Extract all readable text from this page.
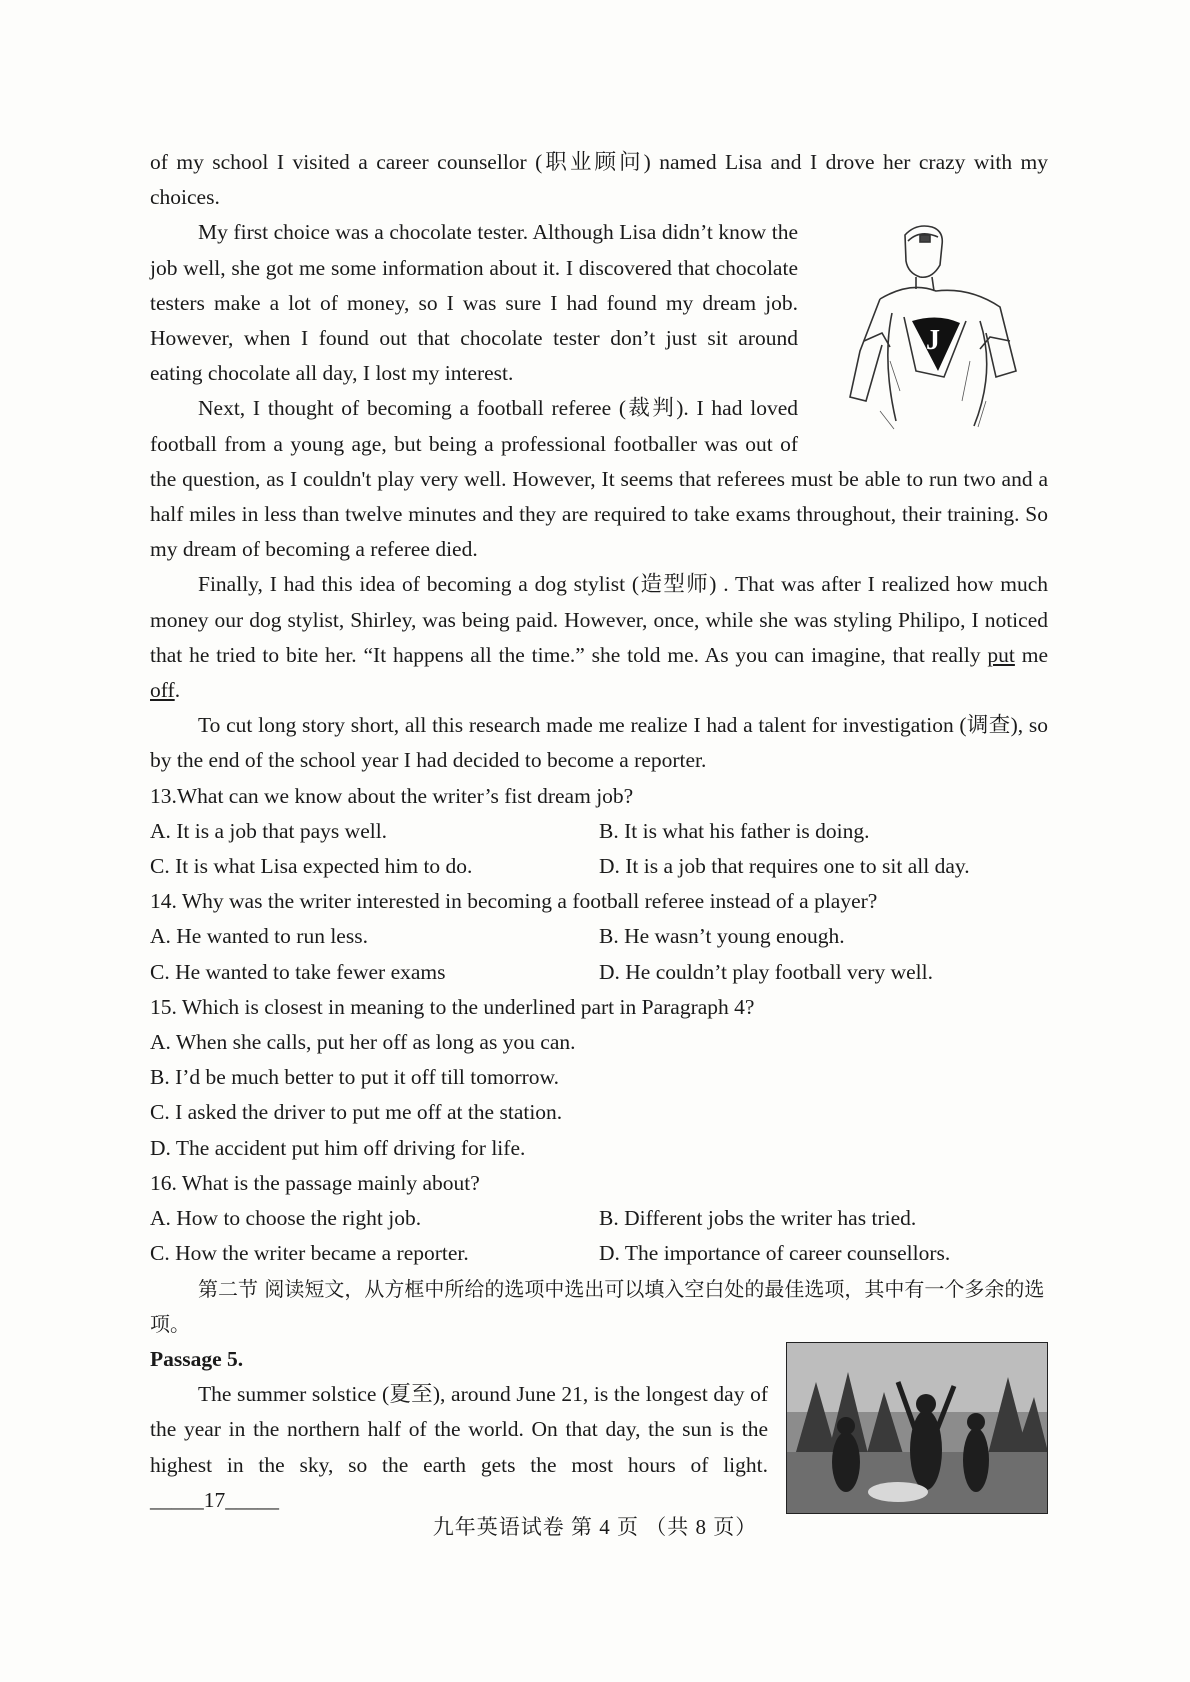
of my school I visited a career counsellor (职业顾问) named Lisa and I drove her crazy with my choices.

J
My first choice was a chocolate tester. Although Lisa didn’t know the job well, she got me some information about it. I discovered that chocolate testers make a lot of money, so I was sure I had found my dream job. However, when I found out that chocolate tester don’t just sit around eating chocolate all day, I lost my interest.

Next, I thought of becoming a football referee (裁判). I had loved football from a young age, but being a professional footballer was out of the question, as I couldn't play very well. However, It seems that referees must be able to run two and a half miles in less than twelve minutes and they are required to take exams throughout, their training. So my dream of becoming a referee died.

Finally, I had this idea of becoming a dog stylist (造型师) . That was after I realized how much money our dog stylist, Shirley, was being paid. However, once, while she was styling Philipo, I noticed that he tried to bite her. “It happens all the time.” she told me. As you can imagine, that really put me off.

To cut long story short, all this research made me realize I had a talent for investigation (调查), so by the end of the school year I had decided to become a reporter.

13.What can we know about the writer’s fist dream job?

A. It is a job that pays well.	B. It is what his father is doing.
C. It is what Lisa expected him to do.	D. It is a job that requires one to sit all day.

14. Why was the writer interested in becoming a football referee instead of a player?

A. He wanted to run less.	B. He wasn’t young enough.
C. He wanted to take fewer exams	D. He couldn’t play football very well.

15. Which is closest in meaning to the underlined part in Paragraph 4?

A. When she calls, put her off as long as you can.

B. I’d be much better to put it off till tomorrow.

C. I asked the driver to put me off at the station.

D. The accident put him off driving for life.

16. What is the passage mainly about?

A. How to choose the right job.	B. Different jobs the writer has tried.
C. How the writer became a reporter.	D. The importance of career counsellors.

第二节 阅读短文，从方框中所给的选项中选出可以填入空白处的最佳选项，其中有一个多余的选项。

Passage 5.

The summer solstice (夏至), around June 21, is the longest day of the year in the northern half of the world. On that day, the sun is the highest in the sky, so the earth gets the most hours of light. _____17_____

九年英语试卷 第 4 页 （共 8 页）
